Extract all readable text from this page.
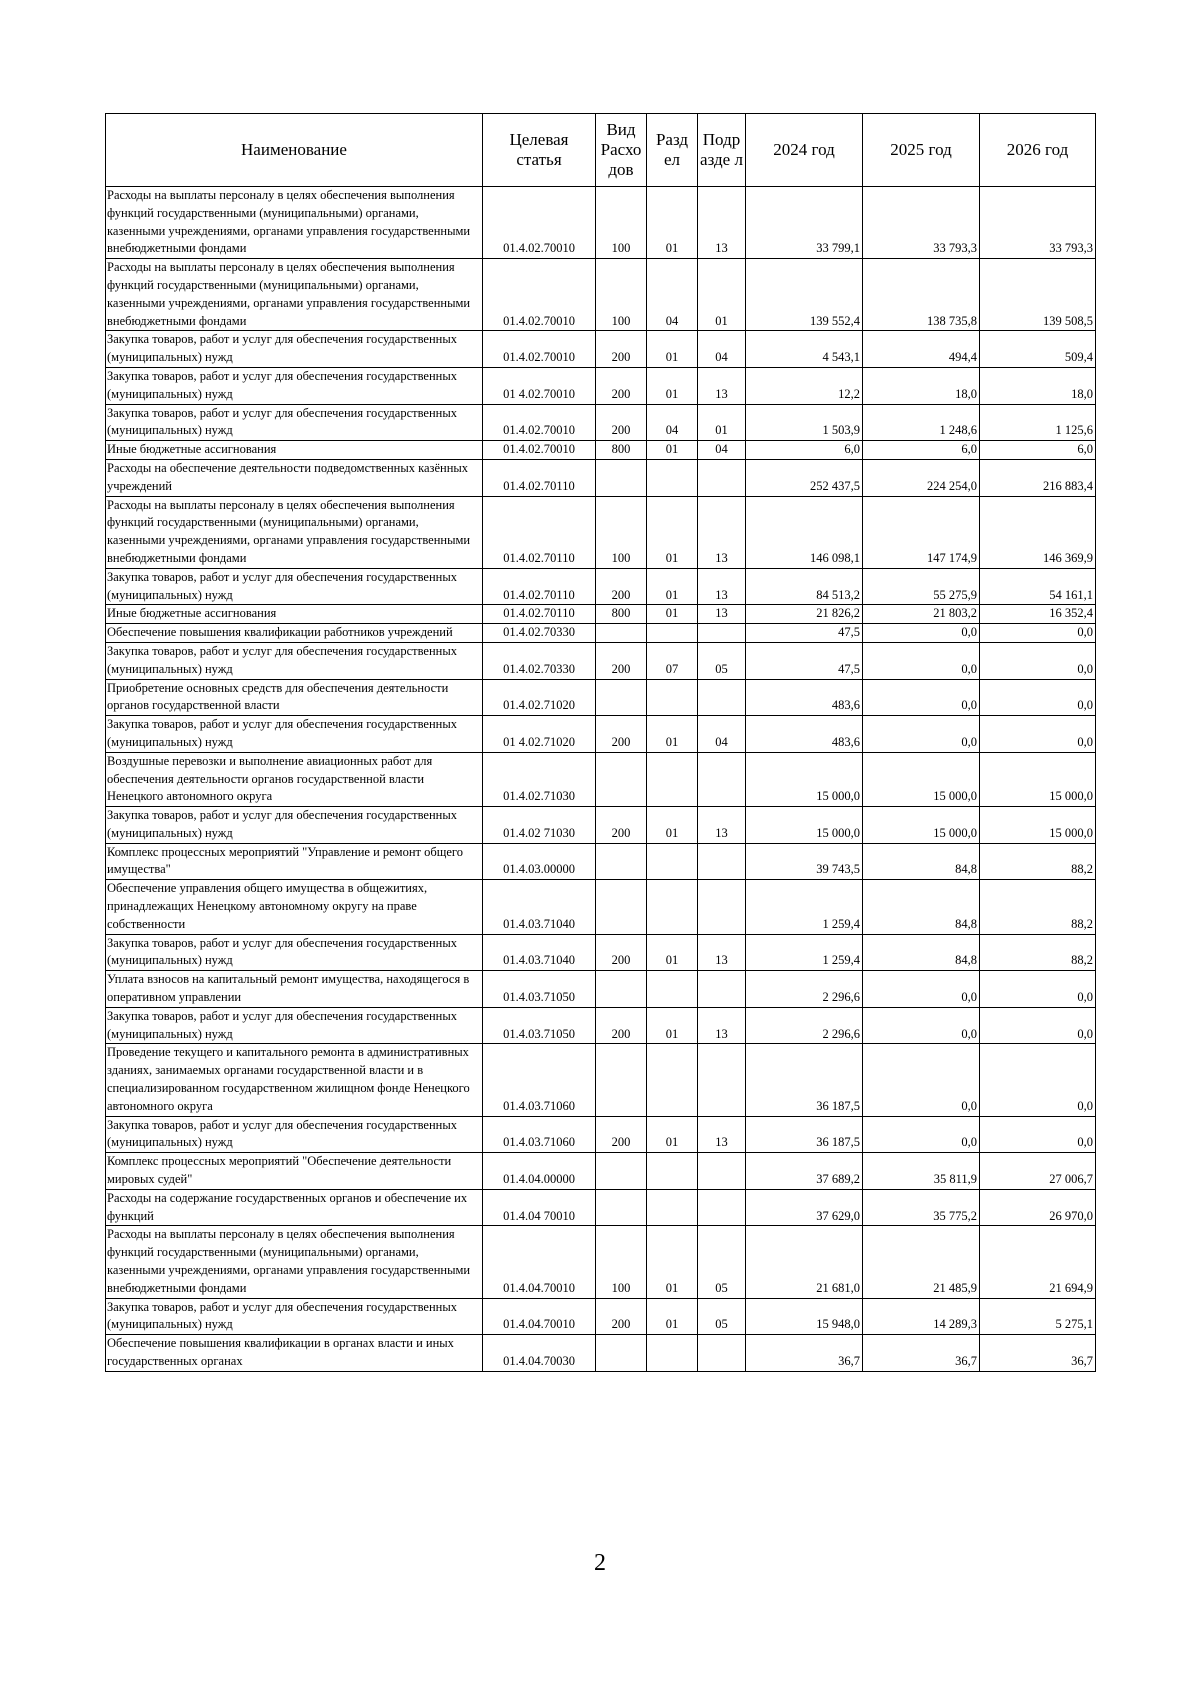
Наименование	Целевая статья	Вид Расхо дов	Разд ел	Подр азде л	2024 год	2025 год	2026 год
Расходы на выплаты персоналу в целях обеспечения выполнения функций государственными (муниципальными) органами, казенными учреждениями, органами управления государственными внебюджетными фондами	01.4.02.70010	100	01	13	33 799,1	33 793,3	33 793,3
Расходы на выплаты персоналу в целях обеспечения выполнения функций государственными (муниципальными) органами, казенными учреждениями, органами управления государственными внебюджетными фондами	01.4.02.70010	100	04	01	139 552,4	138 735,8	139 508,5
Закупка товаров, работ и услуг для обеспечения государственных (муниципальных) нужд	01.4.02.70010	200	01	04	4 543,1	494,4	509,4
Закупка товаров, работ и услуг для обеспечения государственных (муниципальных) нужд	01 4.02.70010	200	01	13	12,2	18,0	18,0
Закупка товаров, работ и услуг для обеспечения государственных (муниципальных) нужд	01.4.02.70010	200	04	01	1 503,9	1 248,6	1 125,6
Иные бюджетные ассигнования	01.4.02.70010	800	01	04	6,0	6,0	6,0
Расходы на обеспечение деятельности подведомственных казённых учреждений	01.4.02.70110				252 437,5	224 254,0	216 883,4
Расходы на выплаты персоналу в целях обеспечения выполнения функций государственными (муниципальными) органами, казенными учреждениями, органами управления государственными внебюджетными фондами	01.4.02.70110	100	01	13	146 098,1	147 174,9	146 369,9
Закупка товаров, работ и услуг для обеспечения государственных (муниципальных) нужд	01.4.02.70110	200	01	13	84 513,2	55 275,9	54 161,1
Иные бюджетные ассигнования	01.4.02.70110	800	01	13	21 826,2	21 803,2	16 352,4
Обеспечение повышения квалификации работников учреждений	01.4.02.70330				47,5	0,0	0,0
Закупка товаров, работ и услуг для обеспечения государственных (муниципальных) нужд	01.4.02.70330	200	07	05	47,5	0,0	0,0
Приобретение основных средств для обеспечения деятельности органов государственной власти	01.4.02.71020				483,6	0,0	0,0
Закупка товаров, работ и услуг для обеспечения государственных (муниципальных) нужд	01 4.02.71020	200	01	04	483,6	0,0	0,0
Воздушные перевозки и выполнение авиационных работ для обеспечения деятельности органов государственной власти Ненецкого автономного округа	01.4.02.71030				15 000,0	15 000,0	15 000,0
Закупка товаров, работ и услуг для обеспечения государственных (муниципальных) нужд	01.4.02 71030	200	01	13	15 000,0	15 000,0	15 000,0
Комплекс процессных мероприятий "Управление и ремонт общего имущества"	01.4.03.00000				39 743,5	84,8	88,2
Обеспечение управления общего имущества в общежитиях, принадлежащих Ненецкому автономному округу на праве собственности	01.4.03.71040				1 259,4	84,8	88,2
Закупка товаров, работ и услуг для обеспечения государственных (муниципальных) нужд	01.4.03.71040	200	01	13	1 259,4	84,8	88,2
Уплата взносов на капитальный ремонт имущества, находящегося в оперативном управлении	01.4.03.71050				2 296,6	0,0	0,0
Закупка товаров, работ и услуг для обеспечения государственных (муниципальных) нужд	01.4.03.71050	200	01	13	2 296,6	0,0	0,0
Проведение текущего и капитального ремонта в административных зданиях, занимаемых органами государственной власти и в специализированном государственном жилищном фонде Ненецкого автономного округа	01.4.03.71060				36 187,5	0,0	0,0
Закупка товаров, работ и услуг для обеспечения государственных (муниципальных) нужд	01.4.03.71060	200	01	13	36 187,5	0,0	0,0
Комплекс процессных мероприятий "Обеспечение деятельности мировых судей"	01.4.04.00000				37 689,2	35 811,9	27 006,7
Расходы на содержание государственных органов и обеспечение их функций	01.4.04 70010				37 629,0	35 775,2	26 970,0
Расходы на выплаты персоналу в целях обеспечения выполнения функций государственными (муниципальными) органами, казенными учреждениями, органами управления государственными внебюджетными фондами	01.4.04.70010	100	01	05	21 681,0	21 485,9	21 694,9
Закупка товаров, работ и услуг для обеспечения государственных (муниципальных) нужд	01.4.04.70010	200	01	05	15 948,0	14 289,3	5 275,1
Обеспечение повышения квалификации в органах власти и иных государственных органах	01.4.04.70030				36,7	36,7	36,7
2
